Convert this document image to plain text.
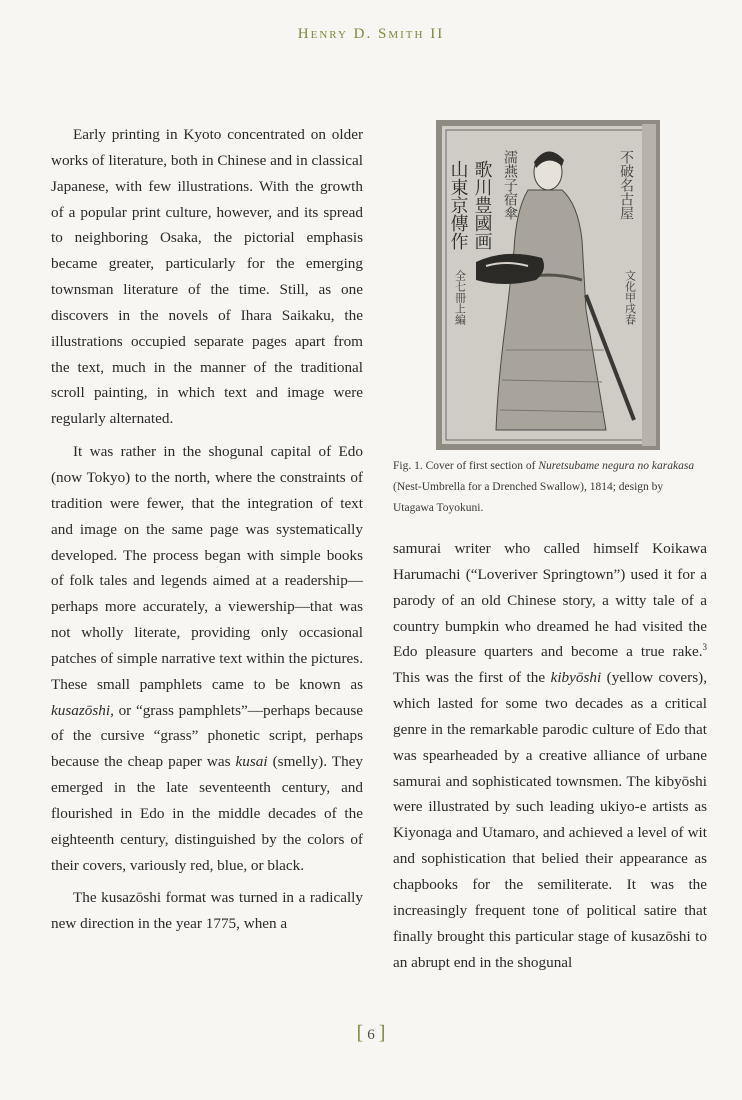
Henry D. Smith II

Early printing in Kyoto concentrated on older works of literature, both in Chinese and in classical Japanese, with few illustrations. With the growth of a popular print culture, however, and its spread to neighboring Osaka, the pictorial emphasis became greater, particularly for the emerging townsman literature of the time. Still, as one discovers in the novels of Ihara Saikaku, the illustrations occupied separate pages apart from the text, much in the manner of the traditional scroll painting, in which text and image were regularly alternated.

It was rather in the shogunal capital of Edo (now Tokyo) to the north, where the constraints of tradition were fewer, that the integration of text and image on the same page was systematically developed. The process began with simple books of folk tales and legends aimed at a readership—perhaps more accurately, a viewership—that was not wholly literate, providing only occasional patches of simple narrative text within the pictures. These small pamphlets came to be known as kusazōshi, or “grass pamphlets”—perhaps because of the cursive “grass” phonetic script, perhaps because the cheap paper was kusai (smelly). They emerged in the late seventeenth century, and flourished in Edo in the middle decades of the eighteenth century, distinguished by the colors of their covers, variously red, blue, or black.

The kusazōshi format was turned in a radically new direction in the year 1775, when a

山東京傳作 歌川豊國画 濡燕子宿傘	不破名古屋
文化甲戌春
全七冊上編
Fig. 1. Cover of first section of Nuretsubame negura no karakasa (Nest-Umbrella for a Drenched Swallow), 1814; design by Utagawa Toyokuni.

samurai writer who called himself Koikawa Harumachi (“Loveriver Springtown”) used it for a parody of an old Chinese story, a witty tale of a country bumpkin who dreamed he had visited the Edo pleasure quarters and become a true rake.$^3$ This was the first of the kibyōshi (yellow covers), which lasted for some two decades as a critical genre in the remarkable parodic culture of Edo that was spearheaded by a creative alliance of urbane samurai and sophisticated townsmen. The kibyōshi were illustrated by such leading ukiyo-e artists as Kiyonaga and Utamaro, and achieved a level of wit and sophistication that belied their appearance as chapbooks for the semiliterate. It was the increasingly frequent tone of political satire that finally brought this particular stage of kusazōshi to an abrupt end in the shogunal

[ 6 ]
